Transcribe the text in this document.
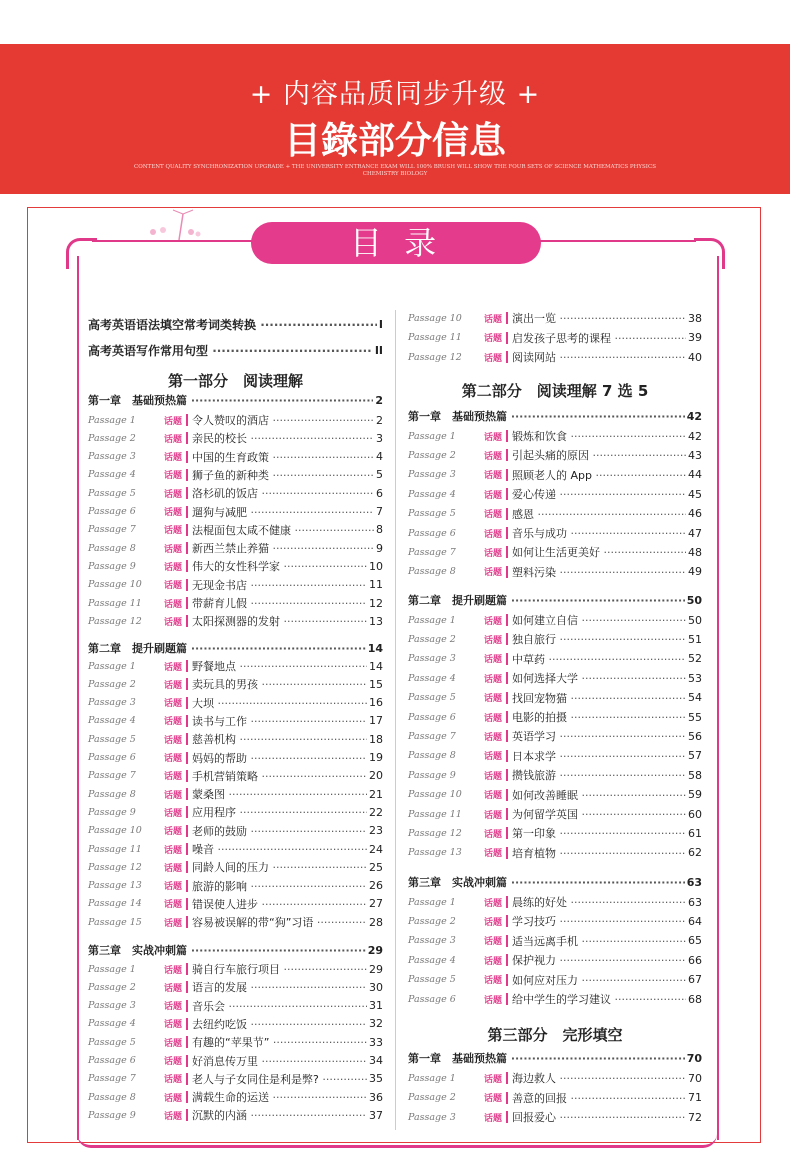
+ 内容品质同步升级 +
目錄部分信息
CONTENT QUALITY SYNCHRONIZATION UPGRADE + THE UNIVERSITY ENTRANCE EXAM WILL 100% BRUSH WILL SHOW THE FOUR SETS OF SCIENCE MATHEMATICS PHYSICS CHEMISTRY BIOLOGY
目 录
高考英语语法填空常考词类转换 ·····	I
高考英语写作常用句型 ·····	II
第一部分　阅读理解
第一章　基础预热篇 ·····	2
Passage 1	话题 令人赞叹的酒店 ·····	2
Passage 2	话题 亲民的校长 ·····	3
Passage 3	话题 中国的生育政策 ·····	4
Passage 4	话题 狮子鱼的新种类 ·····	5
Passage 5	话题 洛杉矶的饭店 ·····	6
Passage 6	话题 遛狗与减肥 ·····	7
Passage 7	话题 法棍面包太咸不健康 ·····	8
Passage 8	话题 新西兰禁止养猫 ·····	9
Passage 9	话题 伟大的女性科学家 ·····	10
Passage 10	话题 无现金书店 ·····	11
Passage 11	话题 带薪育儿假 ·····	12
Passage 12	话题 太阳探测器的发射 ·····	13
第二章　提升刷题篇 ·····	14
Passage 1	话题 野餐地点 ·····	14
Passage 2	话题 卖玩具的男孩 ·····	15
Passage 3	话题 大坝 ·····	16
Passage 4	话题 读书与工作 ·····	17
Passage 5	话题 慈善机构 ·····	18
Passage 6	话题 妈妈的帮助 ·····	19
Passage 7	话题 手机营销策略 ·····	20
Passage 8	话题 蒙桑图 ·····	21
Passage 9	话题 应用程序 ·····	22
Passage 10	话题 老师的鼓励 ·····	23
Passage 11	话题 噪音 ·····	24
Passage 12	话题 同龄人间的压力 ·····	25
Passage 13	话题 旅游的影响 ·····	26
Passage 14	话题 错误使人进步 ·····	27
Passage 15	话题 容易被误解的带“狗”习语 ·····	28
第三章　实战冲刺篇 ·····	29
Passage 1	话题 骑自行车旅行项目 ·····	29
Passage 2	话题 语言的发展 ·····	30
Passage 3	话题 音乐会 ·····	31
Passage 4	话题 去纽约吃饭 ·····	32
Passage 5	话题 有趣的“苹果节” ·····	33
Passage 6	话题 好消息传万里 ·····	34
Passage 7	话题 老人与子女同住是利是弊? ·····	35
Passage 8	话题 满载生命的运送 ·····	36
Passage 9	话题 沉默的内涵 ·····	37
Passage 10	话题 演出一览 ·····	38
Passage 11	话题 启发孩子思考的课程 ·····	39
Passage 12	话题 阅读网站 ·····	40
第二部分　阅读理解 7 选 5
第一章　基础预热篇 ·····	42
Passage 1	话题 锻炼和饮食 ·····	42
Passage 2	话题 引起头痛的原因 ·····	43
Passage 3	话题 照顾老人的 App ·····	44
Passage 4	话题 爱心传递 ·····	45
Passage 5	话题 感恩 ·····	46
Passage 6	话题 音乐与成功 ·····	47
Passage 7	话题 如何让生活更美好 ·····	48
Passage 8	话题 塑料污染 ·····	49
第二章　提升刷题篇 ·····	50
Passage 1	话题 如何建立自信 ·····	50
Passage 2	话题 独自旅行 ·····	51
Passage 3	话题 中草药 ·····	52
Passage 4	话题 如何选择大学 ·····	53
Passage 5	话题 找回宠物猫 ·····	54
Passage 6	话题 电影的拍摄 ·····	55
Passage 7	话题 英语学习 ·····	56
Passage 8	话题 日本求学 ·····	57
Passage 9	话题 攒钱旅游 ·····	58
Passage 10	话题 如何改善睡眠 ·····	59
Passage 11	话题 为何留学英国 ·····	60
Passage 12	话题 第一印象 ·····	61
Passage 13	话题 培育植物 ·····	62
第三章　实战冲刺篇 ·····	63
Passage 1	话题 晨练的好处 ·····	63
Passage 2	话题 学习技巧 ·····	64
Passage 3	话题 适当远离手机 ·····	65
Passage 4	话题 保护视力 ·····	66
Passage 5	话题 如何应对压力 ·····	67
Passage 6	话题 给中学生的学习建议 ·····	68
第三部分　完形填空
第一章　基础预热篇 ·····	70
Passage 1	话题 海边救人 ·····	70
Passage 2	话题 善意的回报 ·····	71
Passage 3	话题 回报爱心 ·····	72
